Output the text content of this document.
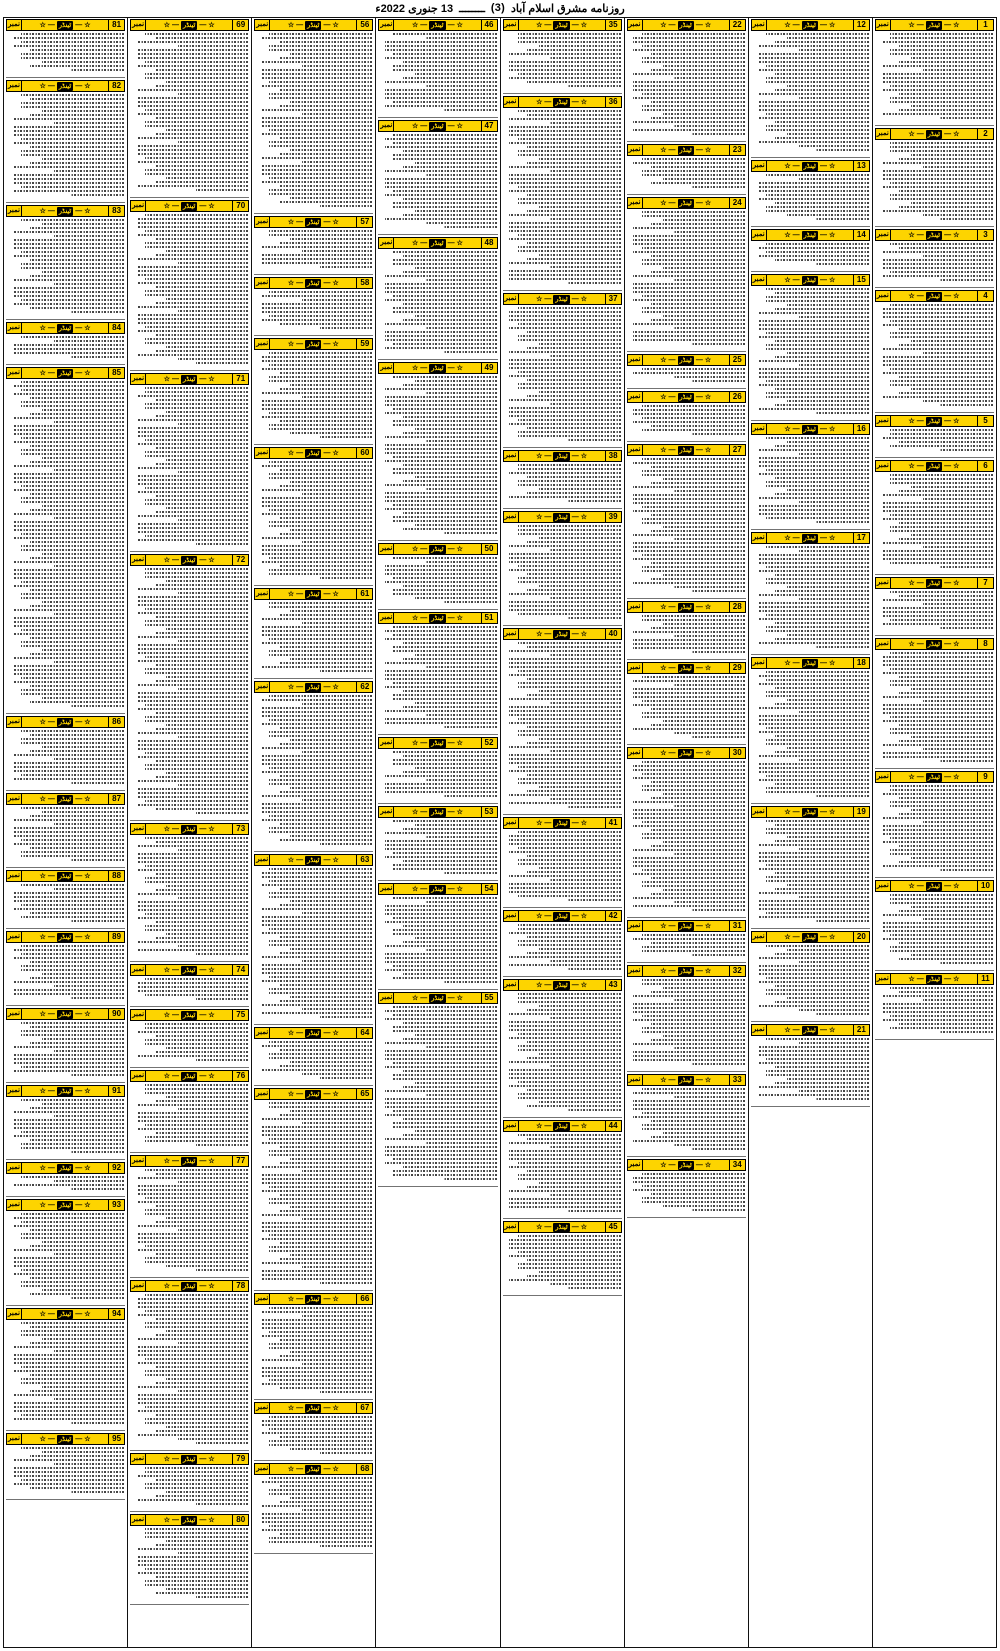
روزنامه مشرق اسلام آباد
(3)
ــــــــ
13 جنوری 2022ء
1
☆
—
ٹینڈر
—
☆
نمبر
2
☆
—
ٹینڈر
—
☆
نمبر
3
☆
—
ٹینڈر
—
☆
نمبر
4
☆
—
ٹینڈر
—
☆
نمبر
5
☆
—
ٹینڈر
—
☆
نمبر
6
☆
—
ٹینڈر
—
☆
نمبر
7
☆
—
ٹینڈر
—
☆
نمبر
8
☆
—
ٹینڈر
—
☆
نمبر
9
☆
—
ٹینڈر
—
☆
نمبر
10
☆
—
ٹینڈر
—
☆
نمبر
11
☆
—
ٹینڈر
—
☆
نمبر
12
☆
—
ٹینڈر
—
☆
نمبر
13
☆
—
ٹینڈر
—
☆
نمبر
14
☆
—
ٹینڈر
—
☆
نمبر
15
☆
—
ٹینڈر
—
☆
نمبر
16
☆
—
ٹینڈر
—
☆
نمبر
17
☆
—
ٹینڈر
—
☆
نمبر
18
☆
—
ٹینڈر
—
☆
نمبر
19
☆
—
ٹینڈر
—
☆
نمبر
20
☆
—
ٹینڈر
—
☆
نمبر
21
☆
—
ٹینڈر
—
☆
نمبر
22
☆
—
ٹینڈر
—
☆
نمبر
23
☆
—
ٹینڈر
—
☆
نمبر
24
☆
—
ٹینڈر
—
☆
نمبر
25
☆
—
ٹینڈر
—
☆
نمبر
26
☆
—
ٹینڈر
—
☆
نمبر
27
☆
—
ٹینڈر
—
☆
نمبر
28
☆
—
ٹینڈر
—
☆
نمبر
29
☆
—
ٹینڈر
—
☆
نمبر
30
☆
—
ٹینڈر
—
☆
نمبر
31
☆
—
ٹینڈر
—
☆
نمبر
32
☆
—
ٹینڈر
—
☆
نمبر
33
☆
—
ٹینڈر
—
☆
نمبر
34
☆
—
ٹینڈر
—
☆
نمبر
35
☆
—
ٹینڈر
—
☆
نمبر
36
☆
—
ٹینڈر
—
☆
نمبر
37
☆
—
ٹینڈر
—
☆
نمبر
38
☆
—
ٹینڈر
—
☆
نمبر
39
☆
—
ٹینڈر
—
☆
نمبر
40
☆
—
ٹینڈر
—
☆
نمبر
41
☆
—
ٹینڈر
—
☆
نمبر
42
☆
—
ٹینڈر
—
☆
نمبر
43
☆
—
ٹینڈر
—
☆
نمبر
44
☆
—
ٹینڈر
—
☆
نمبر
45
☆
—
ٹینڈر
—
☆
نمبر
46
☆
—
ٹینڈر
—
☆
نمبر
47
☆
—
ٹینڈر
—
☆
نمبر
48
☆
—
ٹینڈر
—
☆
نمبر
49
☆
—
ٹینڈر
—
☆
نمبر
50
☆
—
ٹینڈر
—
☆
نمبر
51
☆
—
ٹینڈر
—
☆
نمبر
52
☆
—
ٹینڈر
—
☆
نمبر
53
☆
—
ٹینڈر
—
☆
نمبر
54
☆
—
ٹینڈر
—
☆
نمبر
55
☆
—
ٹینڈر
—
☆
نمبر
56
☆
—
ٹینڈر
—
☆
نمبر
57
☆
—
ٹینڈر
—
☆
نمبر
58
☆
—
ٹینڈر
—
☆
نمبر
59
☆
—
ٹینڈر
—
☆
نمبر
60
☆
—
ٹینڈر
—
☆
نمبر
61
☆
—
ٹینڈر
—
☆
نمبر
62
☆
—
ٹینڈر
—
☆
نمبر
63
☆
—
ٹینڈر
—
☆
نمبر
64
☆
—
ٹینڈر
—
☆
نمبر
65
☆
—
ٹینڈر
—
☆
نمبر
66
☆
—
ٹینڈر
—
☆
نمبر
67
☆
—
ٹینڈر
—
☆
نمبر
68
☆
—
ٹینڈر
—
☆
نمبر
69
☆
—
ٹینڈر
—
☆
نمبر
70
☆
—
ٹینڈر
—
☆
نمبر
71
☆
—
ٹینڈر
—
☆
نمبر
72
☆
—
ٹینڈر
—
☆
نمبر
73
☆
—
ٹینڈر
—
☆
نمبر
74
☆
—
ٹینڈر
—
☆
نمبر
75
☆
—
ٹینڈر
—
☆
نمبر
76
☆
—
ٹینڈر
—
☆
نمبر
77
☆
—
ٹینڈر
—
☆
نمبر
78
☆
—
ٹینڈر
—
☆
نمبر
79
☆
—
ٹینڈر
—
☆
نمبر
80
☆
—
ٹینڈر
—
☆
نمبر
81
☆
—
ٹینڈر
—
☆
نمبر
82
☆
—
ٹینڈر
—
☆
نمبر
83
☆
—
ٹینڈر
—
☆
نمبر
84
☆
—
ٹینڈر
—
☆
نمبر
85
☆
—
ٹینڈر
—
☆
نمبر
86
☆
—
ٹینڈر
—
☆
نمبر
87
☆
—
ٹینڈر
—
☆
نمبر
88
☆
—
ٹینڈر
—
☆
نمبر
89
☆
—
ٹینڈر
—
☆
نمبر
90
☆
—
ٹینڈر
—
☆
نمبر
91
☆
—
ٹینڈر
—
☆
نمبر
92
☆
—
ٹینڈر
—
☆
نمبر
93
☆
—
ٹینڈر
—
☆
نمبر
94
☆
—
ٹینڈر
—
☆
نمبر
95
☆
—
ٹینڈر
—
☆
نمبر
